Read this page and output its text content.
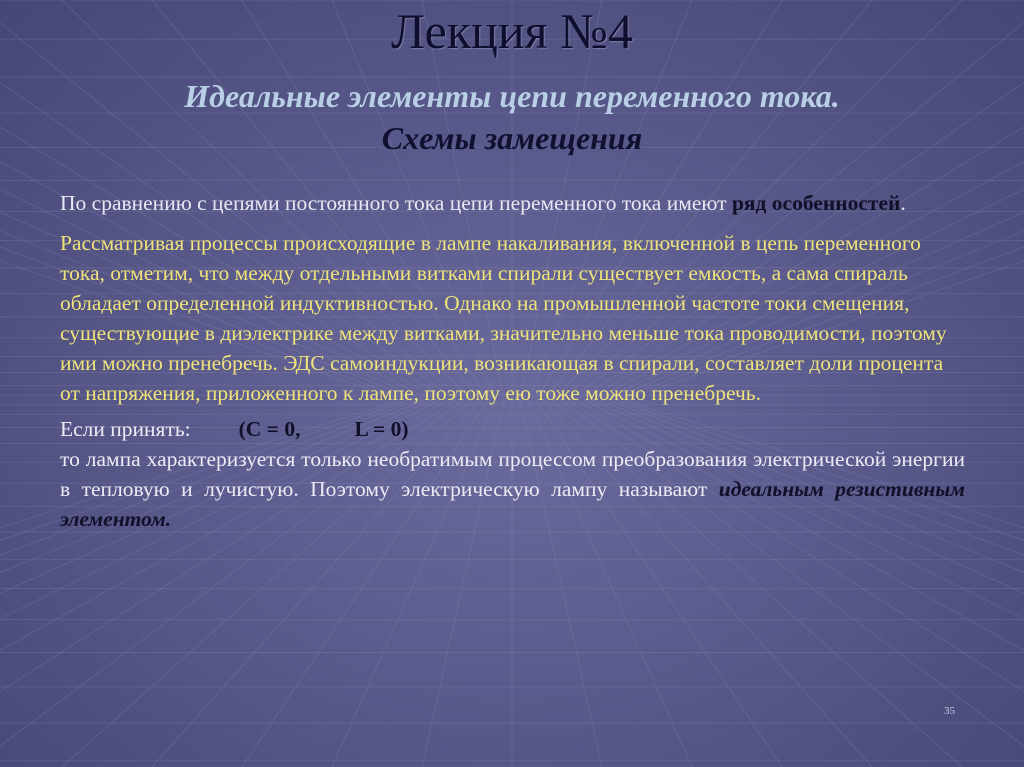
Лекция №4
Идеальные элементы цепи переменного тока.
Схемы замещения

По сравнению с цепями постоянного тока цепи переменного тока имеют ряд особенностей.

Рассматривая процессы происходящие в лампе накаливания, включенной в цепь переменного тока, отметим, что между отдельными витками спирали существует емкость, а сама спираль обладает определенной индуктивностью. Однако на промышленной частоте токи смещения, существующие в диэлектрике между витками, значительно меньше тока проводимости, поэтому ими можно пренебречь. ЭДС самоиндукции, возникающая в спирали, составляет доли процента от напряжения, приложенного к лампе, поэтому ею тоже можно пренебречь.

Если принять: (C = 0,	L = 0)

то лампа характеризуется только необратимым процессом преобразования электрической энергии в тепловую и лучистую. Поэтому электрическую лампу называют идеальным резистивным элементом.

35
